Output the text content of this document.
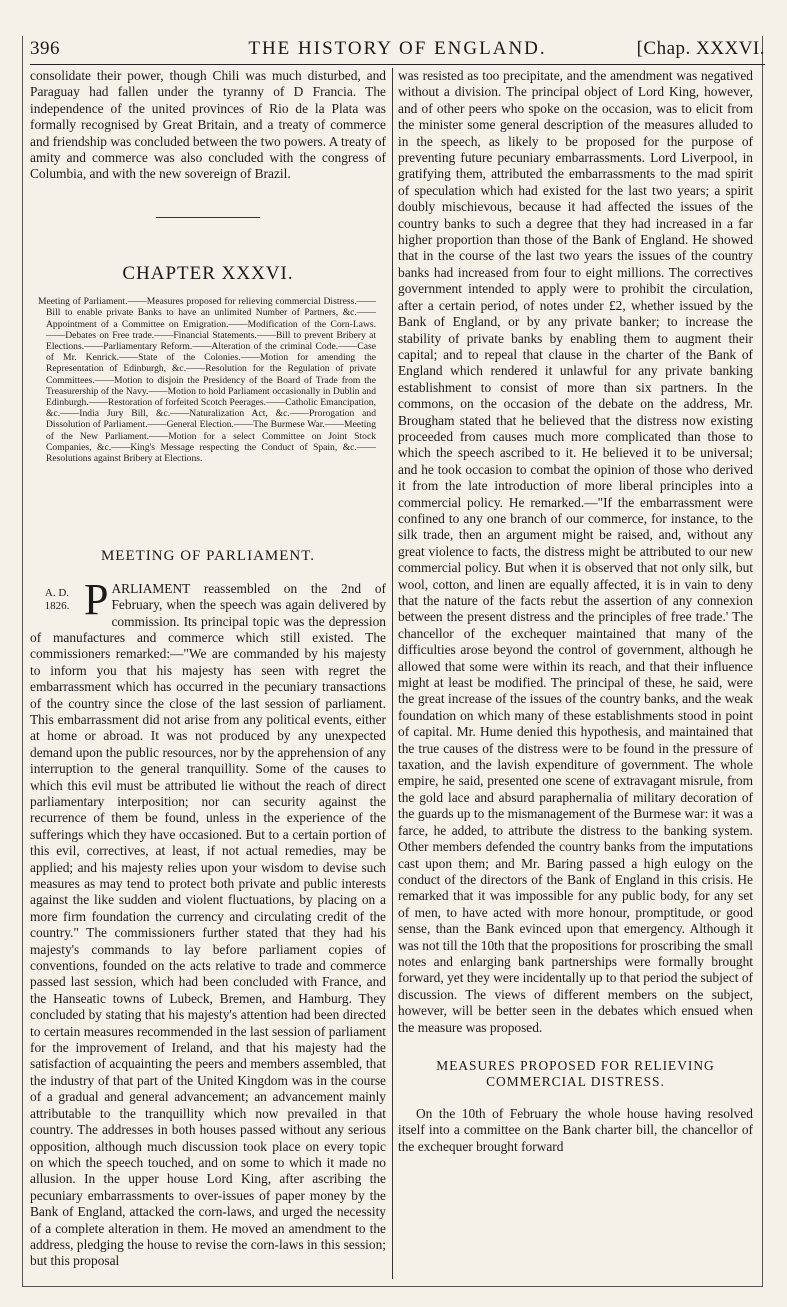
396	THE HISTORY OF ENGLAND.	[Chap. XXXVI.

consolidate their power, though Chili was much disturbed, and Paraguay had fallen under the tyranny of D Francia. The independence of the united provinces of Rio de la Plata was formally recognised by Great Britain, and a treaty of commerce and friendship was concluded between the two powers. A treaty of amity and commerce was also concluded with the congress of Columbia, and with the new sovereign of Brazil.

CHAPTER XXXVI.

Meeting of Parliament.——Measures proposed for relieving commercial Distress.——Bill to enable private Banks to have an unlimited Number of Partners, &c.——Appointment of a Committee on Emigration.——Modification of the Corn-Laws.——Debates on Free trade.——Financial Statements.——Bill to prevent Bribery at Elections.——Parliamentary Reform.——Alteration of the criminal Code.——Case of Mr. Kenrick.——State of the Colonies.——Motion for amending the Representation of Edinburgh, &c.——Resolution for the Regulation of private Committees.——Motion to disjoin the Presidency of the Board of Trade from the Treasurership of the Navy.——Motion to hold Parliament occasionally in Dublin and Edinburgh.——Restoration of forfeited Scotch Peerages.——Catholic Emancipation, &c.——India Jury Bill, &c.——Naturalization Act, &c.——Prorogation and Dissolution of Parliament.——General Election.——The Burmese War.——Meeting of the New Parliament.——Motion for a select Committee on Joint Stock Companies, &c.——King's Message respecting the Conduct of Spain, &c.——Resolutions against Bribery at Elections.

MEETING OF PARLIAMENT.
A. D.
1826. P ARLIAMENT reassembled on the 2nd of February, when the speech was again delivered by commission. Its principal topic was the depression of manufactures and commerce which still existed. The commissioners remarked:—"We are commanded by his majesty to inform you that his majesty has seen with regret the embarrassment which has occurred in the pecuniary transactions of the country since the close of the last session of parliament. This embarrassment did not arise from any political events, either at home or abroad. It was not produced by any unexpected demand upon the public resources, nor by the apprehension of any interruption to the general tranquillity. Some of the causes to which this evil must be attributed lie without the reach of direct parliamentary interposition; nor can security against the recurrence of them be found, unless in the experience of the sufferings which they have occasioned. But to a certain portion of this evil, correctives, at least, if not actual remedies, may be applied; and his majesty relies upon your wisdom to devise such measures as may tend to protect both private and public interests against the like sudden and violent fluctuations, by placing on a more firm foundation the currency and circulating credit of the country." The commissioners further stated that they had his majesty's commands to lay before parliament copies of conventions, founded on the acts relative to trade and commerce passed last session, which had been concluded with France, and the Hanseatic towns of Lubeck, Bremen, and Hamburg. They concluded by stating that his majesty's attention had been directed to certain measures recommended in the last session of parliament for the improvement of Ireland, and that his majesty had the satisfaction of acquainting the peers and members assembled, that the industry of that part of the United Kingdom was in the course of a gradual and general advancement; an advancement mainly attributable to the tranquillity which now prevailed in that country. The addresses in both houses passed without any serious opposition, although much discussion took place on every topic on which the speech touched, and on some to which it made no allusion. In the upper house Lord King, after ascribing the pecuniary embarrassments to over-issues of paper money by the Bank of England, attacked the corn-laws, and urged the necessity of a complete alteration in them. He moved an amendment to the address, pledging the house to revise the corn-laws in this session; but this proposal

was resisted as too precipitate, and the amendment was negatived without a division. The principal object of Lord King, however, and of other peers who spoke on the occasion, was to elicit from the minister some general description of the measures alluded to in the speech, as likely to be proposed for the purpose of preventing future pecuniary embarrassments. Lord Liverpool, in gratifying them, attributed the embarrassments to the mad spirit of speculation which had existed for the last two years; a spirit doubly mischievous, because it had affected the issues of the country banks to such a degree that they had increased in a far higher proportion than those of the Bank of England. He showed that in the course of the last two years the issues of the country banks had increased from four to eight millions. The correctives government intended to apply were to prohibit the circulation, after a certain period, of notes under £2, whether issued by the Bank of England, or by any private banker; to increase the stability of private banks by enabling them to augment their capital; and to repeal that clause in the charter of the Bank of England which rendered it unlawful for any private banking establishment to consist of more than six partners. In the commons, on the occasion of the debate on the address, Mr. Brougham stated that he believed that the distress now existing proceeded from causes much more complicated than those to which the speech ascribed to it. He believed it to be universal; and he took occasion to combat the opinion of those who derived it from the late introduction of more liberal principles into a commercial policy. He remarked.—"If the embarrassment were confined to any one branch of our commerce, for instance, to the silk trade, then an argument might be raised, and, without any great violence to facts, the distress might be attributed to our new commercial policy. But when it is observed that not only silk, but wool, cotton, and linen are equally affected, it is in vain to deny that the nature of the facts rebut the assertion of any connexion between the present distress and the principles of free trade.' The chancellor of the exchequer maintained that many of the difficulties arose beyond the control of government, although he allowed that some were within its reach, and that their influence might at least be modified. The principal of these, he said, were the great increase of the issues of the country banks, and the weak foundation on which many of these establishments stood in point of capital. Mr. Hume denied this hypothesis, and maintained that the true causes of the distress were to be found in the pressure of taxation, and the lavish expenditure of government. The whole empire, he said, presented one scene of extravagant misrule, from the gold lace and absurd paraphernalia of military decoration of the guards up to the mismanagement of the Burmese war: it was a farce, he added, to attribute the distress to the banking system. Other members defended the country banks from the imputations cast upon them; and Mr. Baring passed a high eulogy on the conduct of the directors of the Bank of England in this crisis. He remarked that it was impossible for any public body, for any set of men, to have acted with more honour, promptitude, or good sense, than the Bank evinced upon that emergency. Although it was not till the 10th that the propositions for proscribing the small notes and enlarging bank partnerships were formally brought forward, yet they were incidentally up to that period the subject of discussion. The views of different members on the subject, however, will be better seen in the debates which ensued when the measure was proposed.

MEASURES PROPOSED FOR RELIEVING COMMERCIAL DISTRESS.

On the 10th of February the whole house having resolved itself into a committee on the Bank charter bill, the chancellor of the exchequer brought forward
